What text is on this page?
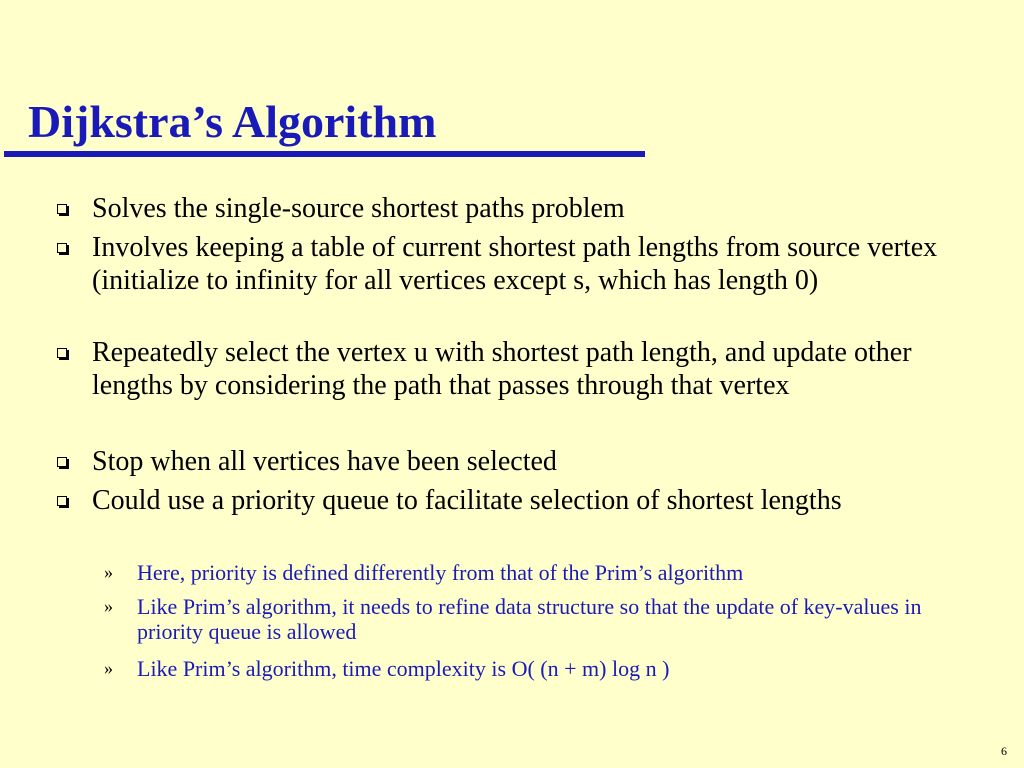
Dijkstra’s Algorithm
Solves the single-source shortest paths problem
Involves keeping a table of current shortest path lengths from source vertex (initialize to infinity for all vertices except s, which has length 0)
Repeatedly select the vertex u with shortest path length, and update other lengths by considering the path that passes through that vertex
Stop when all vertices have been selected
Could use a priority queue to facilitate selection of shortest lengths
» Here, priority is defined differently from that of the Prim’s algorithm
» Like Prim’s algorithm, it needs to refine data structure so that the update of key-values in priority queue is allowed
» Like Prim’s algorithm, time complexity is O( (n + m) log n )
6
